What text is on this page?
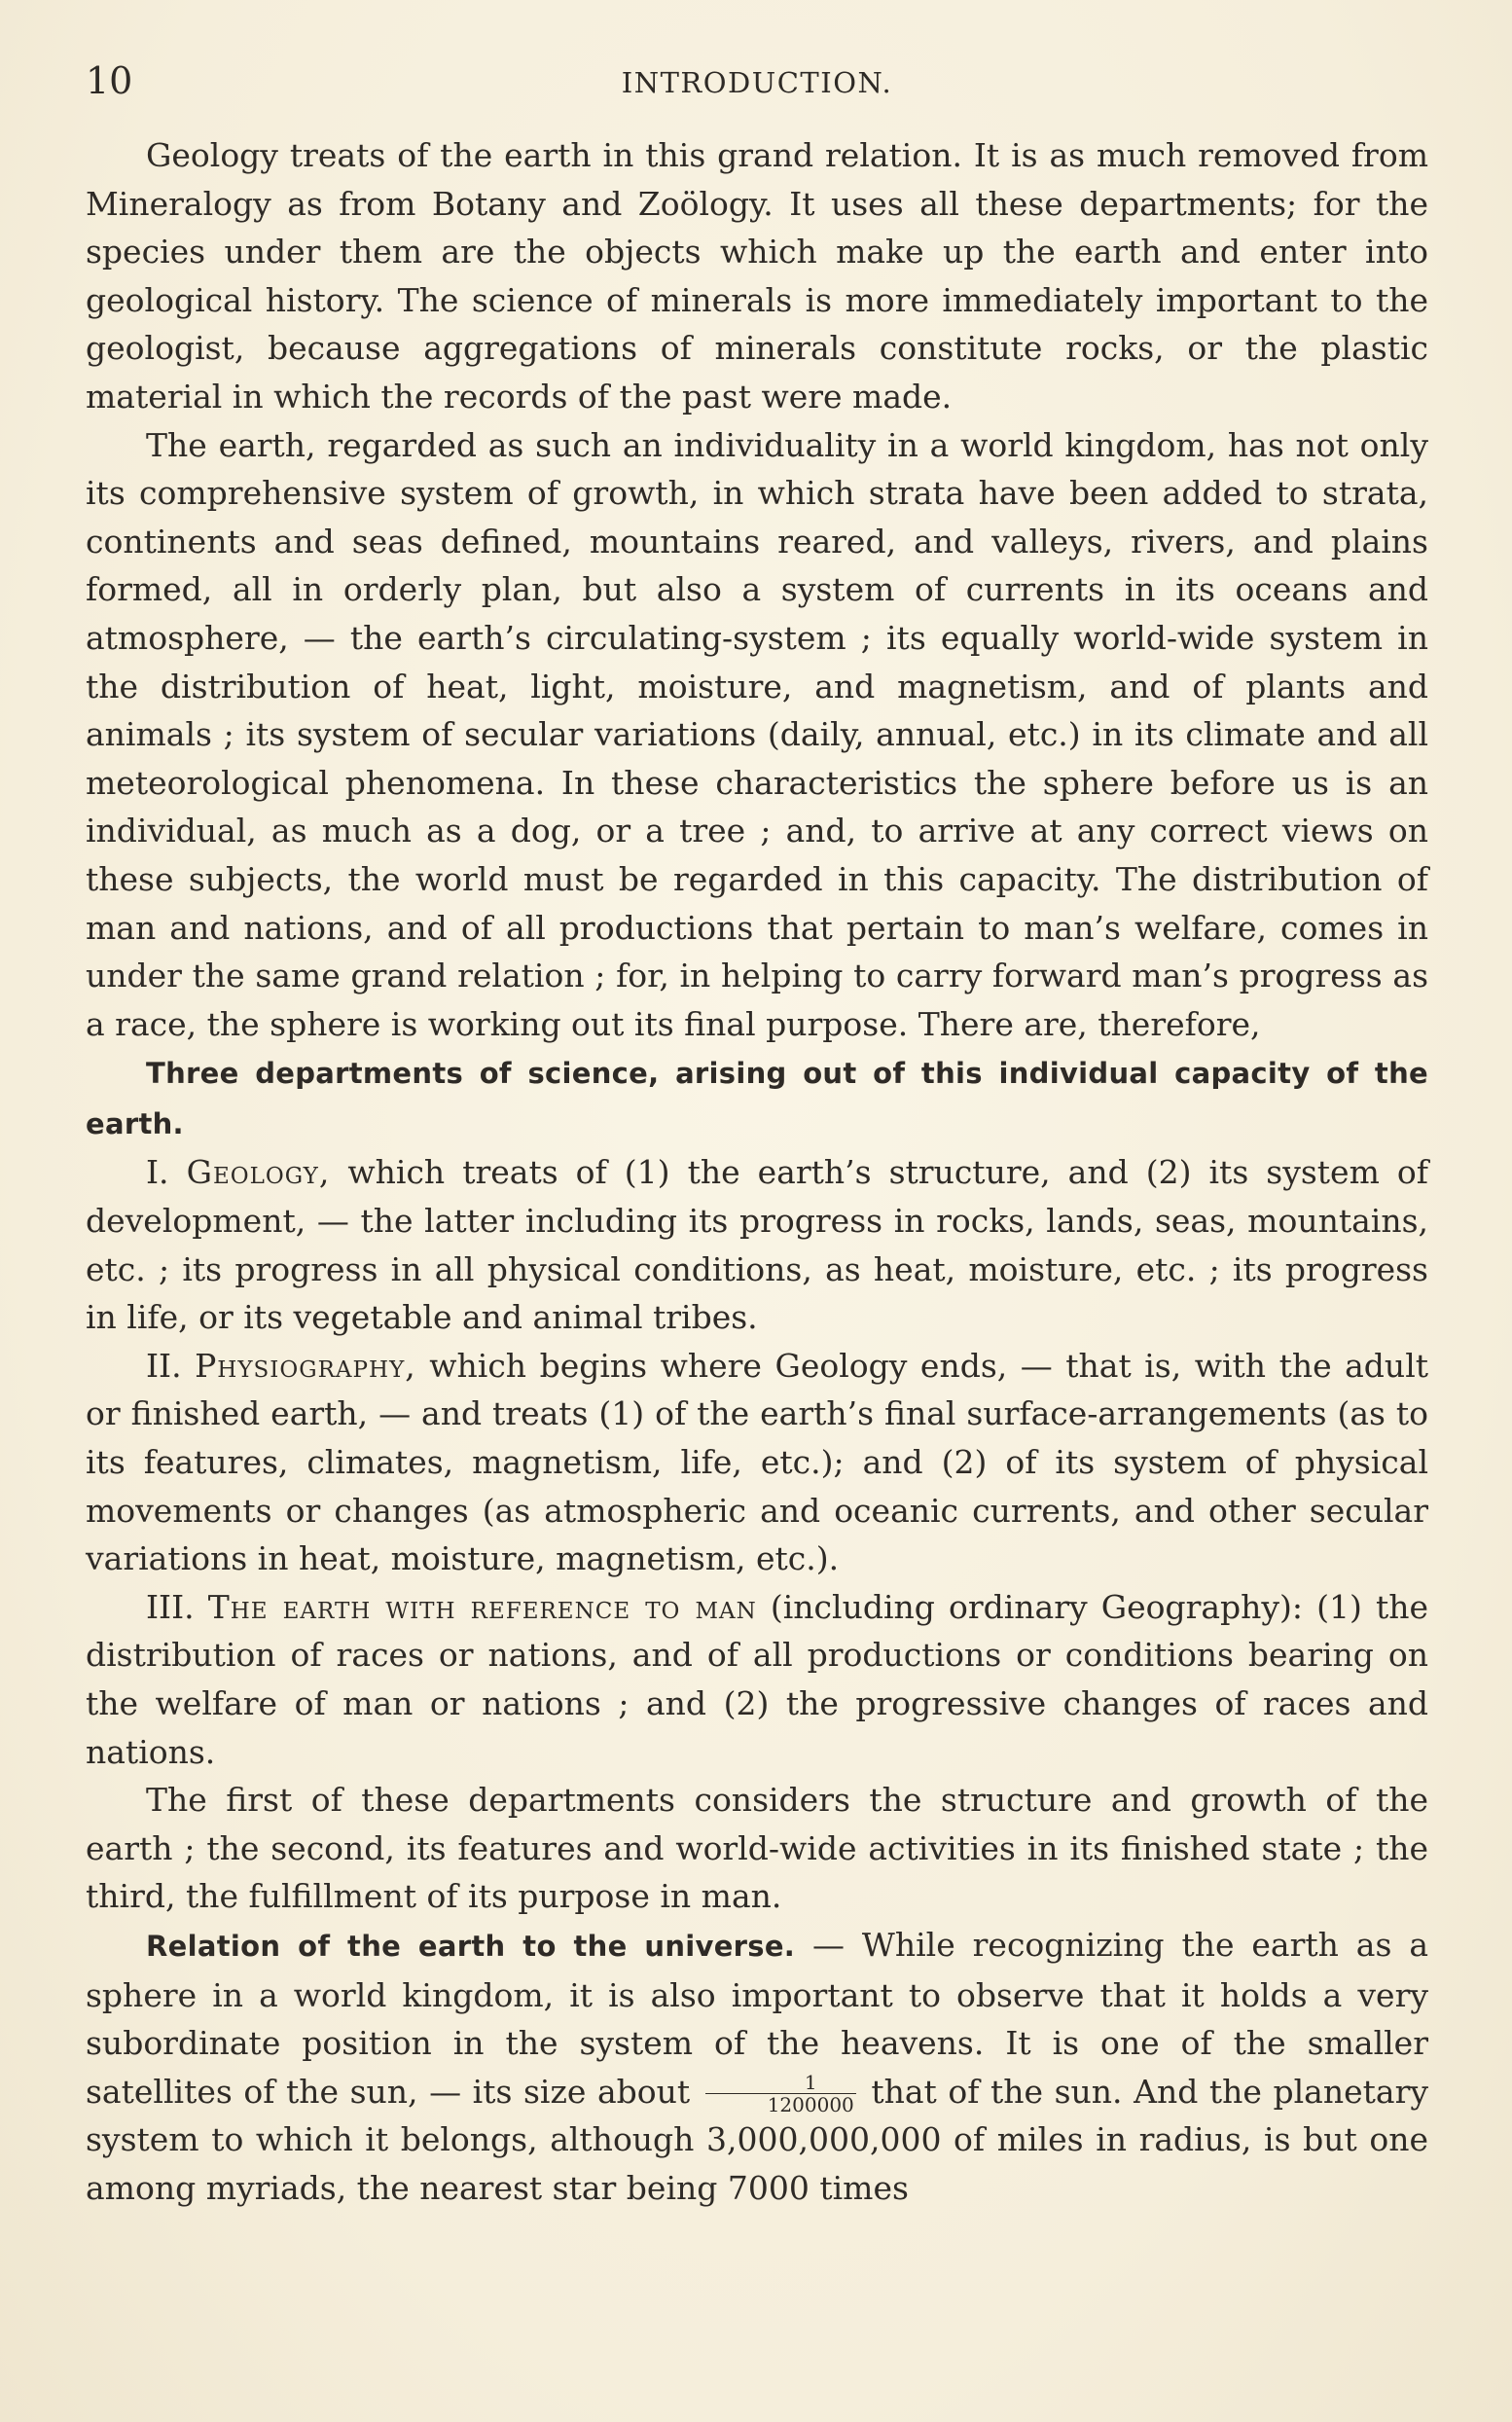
10	INTRODUCTION.

Geology treats of the earth in this grand relation. It is as much removed from Mineralogy as from Botany and Zoölogy. It uses all these departments; for the species under them are the objects which make up the earth and enter into geological history. The science of minerals is more immediately important to the geologist, because aggregations of minerals constitute rocks, or the plastic material in which the records of the past were made.

The earth, regarded as such an individuality in a world kingdom, has not only its comprehensive system of growth, in which strata have been added to strata, continents and seas defined, mountains reared, and valleys, rivers, and plains formed, all in orderly plan, but also a system of currents in its oceans and atmosphere, — the earth’s circulating-system ; its equally world-wide system in the distribution of heat, light, moisture, and magnetism, and of plants and animals ; its system of secular variations (daily, annual, etc.) in its climate and all meteorological phenomena. In these characteristics the sphere before us is an individual, as much as a dog, or a tree ; and, to arrive at any correct views on these subjects, the world must be regarded in this capacity. The distribution of man and nations, and of all productions that pertain to man’s welfare, comes in under the same grand relation ; for, in helping to carry forward man’s progress as a race, the sphere is working out its final purpose. There are, therefore,

Three departments of science, arising out of this individual capacity of the earth.

I. Geology, which treats of (1) the earth’s structure, and (2) its system of development, — the latter including its progress in rocks, lands, seas, mountains, etc. ; its progress in all physical conditions, as heat, moisture, etc. ; its progress in life, or its vegetable and animal tribes.

II. Physiography, which begins where Geology ends, — that is, with the adult or finished earth, — and treats (1) of the earth’s final surface-arrangements (as to its features, climates, magnetism, life, etc.); and (2) of its system of physical movements or changes (as atmospheric and oceanic currents, and other secular variations in heat, moisture, magnetism, etc.).

III. The earth with reference to man (including ordinary Geography): (1) the distribution of races or nations, and of all productions or conditions bearing on the welfare of man or nations ; and (2) the progressive changes of races and nations.

The first of these departments considers the structure and growth of the earth ; the second, its features and world-wide activities in its finished state ; the third, the fulfillment of its purpose in man.

Relation of the earth to the universe. — While recognizing the earth as a sphere in a world kingdom, it is also important to observe that it holds a very subordinate position in the system of the heavens. It is one of the smaller satellites of the sun, — its size about $\frac{1}{1200000}$ that of the sun. And the planetary system to which it belongs, although 3,000,000,000 of miles in radius, is but one among myriads, the nearest star being 7000 times
